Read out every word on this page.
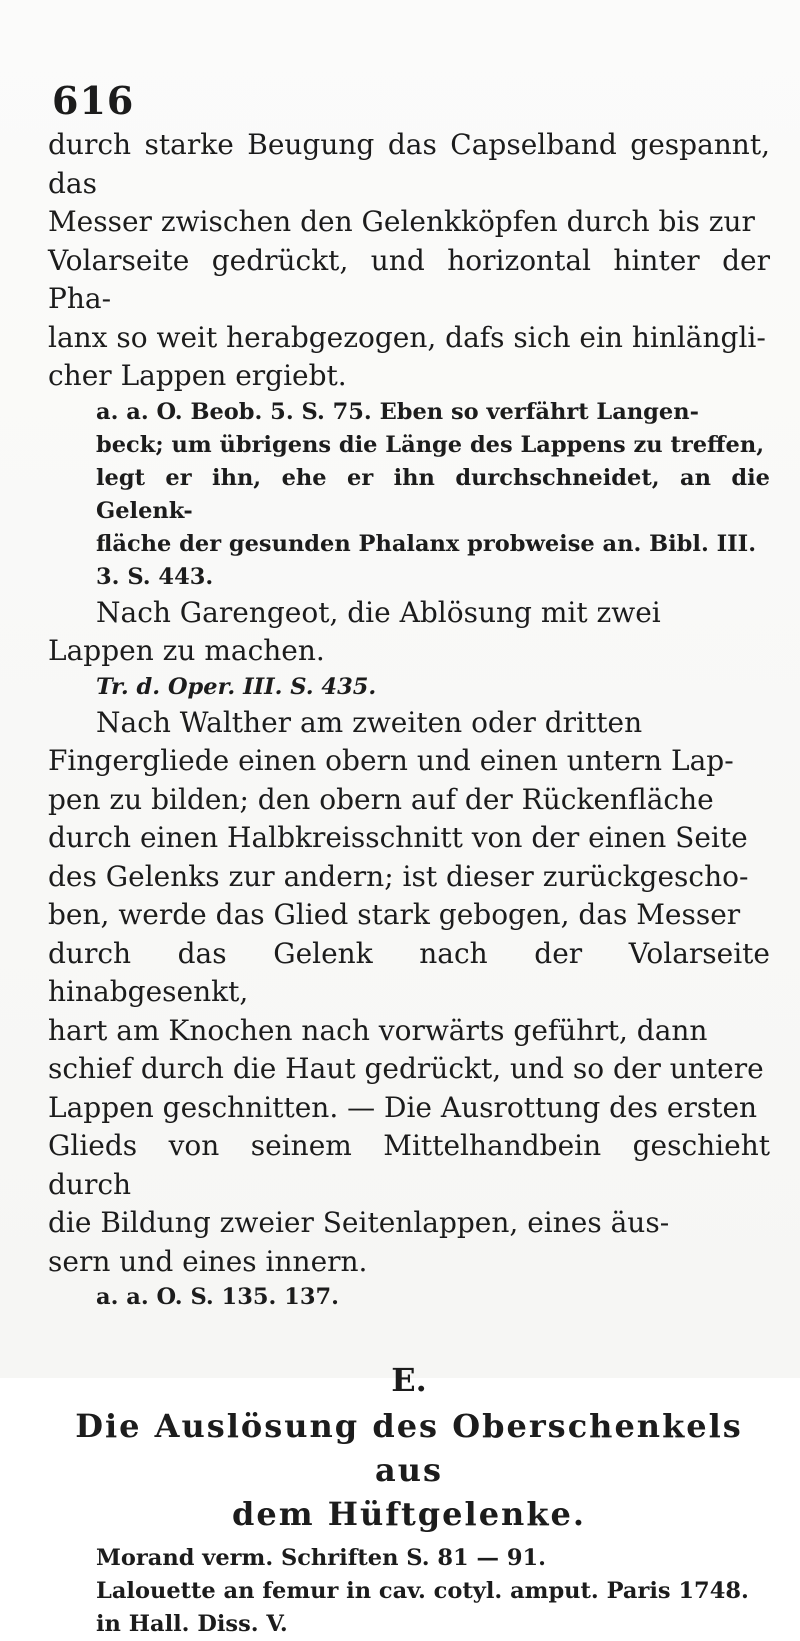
616
durch starke Beugung das Capselband gespannt, das
Messer zwischen den Gelenkköpfen durch bis zur
Volarseite gedrückt, und horizontal hinter der Pha-
lanx so weit herabgezogen, dafs sich ein hinlängli-
cher Lappen ergiebt.

a. a. O. Beob. 5. S. 75. Eben so verfährt Langen-

beck; um übrigens die Länge des Lappens zu treffen,

legt er ihn, ehe er ihn durchschneidet, an die Gelenk-

fläche der gesunden Phalanx probweise an. Bibl. III.

3. S. 443.

Nach Garengeot, die Ablösung mit zwei
Lappen zu machen.

Tr. d. Oper. III. S. 435.

Nach Walther am zweiten oder dritten
Fingergliede einen obern und einen untern Lap-
pen zu bilden; den obern auf der Rückenfläche
durch einen Halbkreisschnitt von der einen Seite
des Gelenks zur andern; ist dieser zurückgescho-
ben, werde das Glied stark gebogen, das Messer
durch das Gelenk nach der Volarseite hinabgesenkt,
hart am Knochen nach vorwärts geführt, dann
schief durch die Haut gedrückt, und so der untere
Lappen geschnitten. — Die Ausrottung des ersten
Glieds von seinem Mittelhandbein geschieht durch
die Bildung zweier Seitenlappen, eines äus-
sern und eines innern.

a. a. O. S. 135. 137.

E.
Die Auslösung des Oberschenkels aus
dem Hüftgelenke.

Morand verm. Schriften S. 81 — 91.

Lalouette an femur in cav. cotyl. amput. Paris 1748.

in Hall. Diss. V.
